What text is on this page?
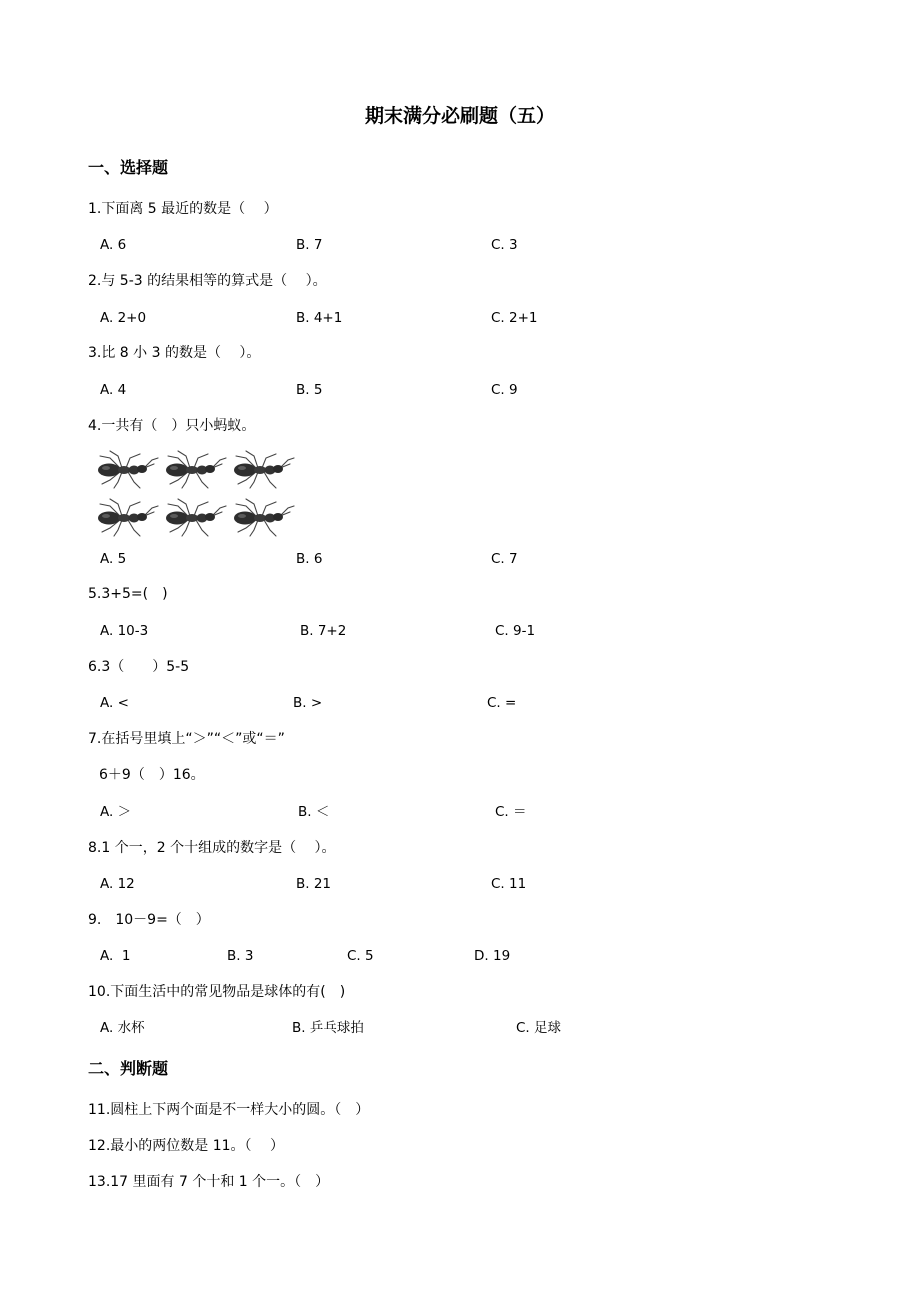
期末满分必刷题（五）
一、选择题
1.下面离 5 最近的数是（　 ）
A. 6	B. 7	C. 3
2.与 5-3 的结果相等的算式是（　 ）。
A. 2+0	B. 4+1	C. 2+1
3.比 8 小 3 的数是（　 ）。
A. 4	B. 5	C. 9
4.一共有（　）只小蚂蚁。
A. 5	B. 6	C. 7
5.3+5=(　)
A. 10-3	B. 7+2	C. 9-1
6.3（　　）5-5
A. <	B. >	C. =
7.在括号里填上“＞”“＜”或“＝”
6＋9（　）16。
A. ＞	B. ＜	C. ＝
8.1 个一，2 个十组成的数字是（　 ）。
A. 12	B. 21	C. 11
9.　10－9=（　）
A.  1	B. 3	C. 5	D. 19
10.下面生活中的常见物品是球体的有(　)
A. 水杯	B. 乒乓球拍	C. 足球
二、判断题
11.圆柱上下两个面是不一样大小的圆。（　）
12.最小的两位数是 11。（　 ）
13.17 里面有 7 个十和 1 个一。（　）
